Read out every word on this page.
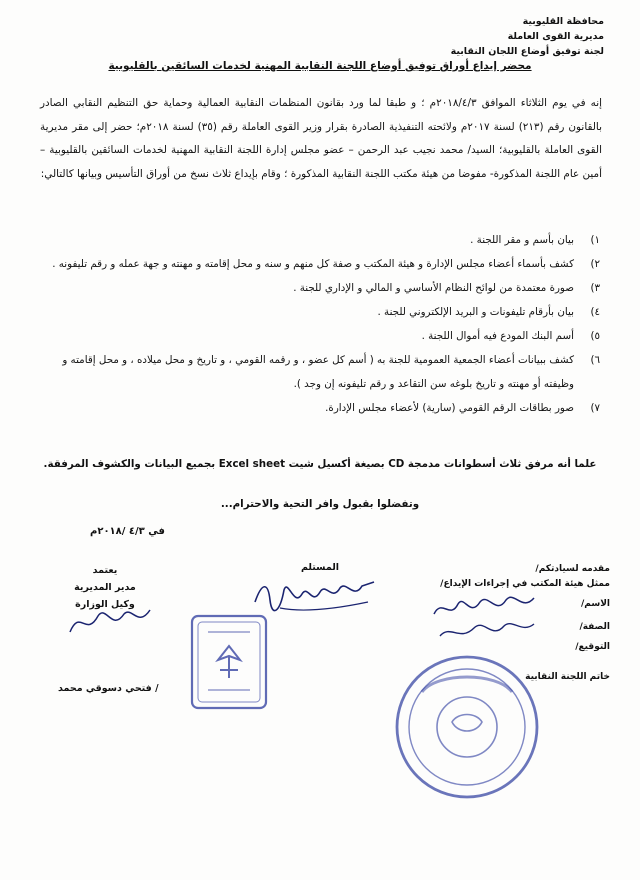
محافظة القليوبية
مديرية القوى العاملة
لجنة توفيق أوضاع اللجان النقابية
محضر إيداع أوراق توفيق أوضاع اللجنة النقابية المهنية لخدمات السائقين بالقليوبية

إنه في يوم الثلاثاء الموافق ٢٠١٨/٤/٣م ؛ و طبقا لما ورد بقانون المنظمات النقابية العمالية وحماية حق التنظيم النقابي الصادر بالقانون رقم (٢١٣) لسنة ٢٠١٧م ولائحته التنفيذية الصادرة بقرار وزير القوى العاملة رقم (٣٥) لسنة ٢٠١٨م؛ حضر إلى مقر مديرية القوى العاملة بالقليوبية؛ السيد/ محمد نجيب عبد الرحمن – عضو مجلس إدارة اللجنة النقابية المهنية لخدمات السائقين بالقليوبية – أمين عام اللجنة المذكورة- مفوضا من هيئة مكتب اللجنة النقابية المذكورة ؛ وقام بإيداع ثلاث نسخ من أوراق التأسيس وبيانها كالتالي:

١)
بيان بأسم و مقر اللجنة .
٢)
كشف بأسماء أعضاء مجلس الإدارة و هيئة المكتب و صفة كل منهم و سنه و محل إقامته و مهنته و جهة عمله و رقم تليفونه .
٣)
صورة معتمدة من لوائح النظام الأساسي و المالي و الإداري للجنة .
٤)
بيان بأرقام تليفونات و البريد الإلكتروني للجنة .
٥)
أسم البنك المودع فيه أموال اللجنة .
٦)
كشف ببيانات أعضاء الجمعية العمومية للجنة به ( أسم كل عضو ، و رقمه القومي ، و تاريخ و محل ميلاده ، و محل إقامته و وظيفته أو مهنته و تاريخ بلوغه سن التقاعد و رقم تليفونه إن وجد ).
٧)
صور بطاقات الرقم القومي (سارية) لأعضاء مجلس الإدارة.
علما أنه مرفق ثلاث أسطوانات مدمجة CD بصيغة أكسيل شيت Excel sheet بجميع البيانات والكشوف المرفقة.
وتفضلوا بقبول وافر التحية والاحترام...
في ٤/٣ /٢٠١٨م
مقدمه لسيادتكم/
ممثل هيئة المكتب في إجراءات الإيداع/
الاسم/
الصفة/
التوقيع/
خاتم اللجنة النقابية
المستلم
يعتمد
مدير المديرية
وكيل الوزارة
/ فتحي دسوقي محمد
